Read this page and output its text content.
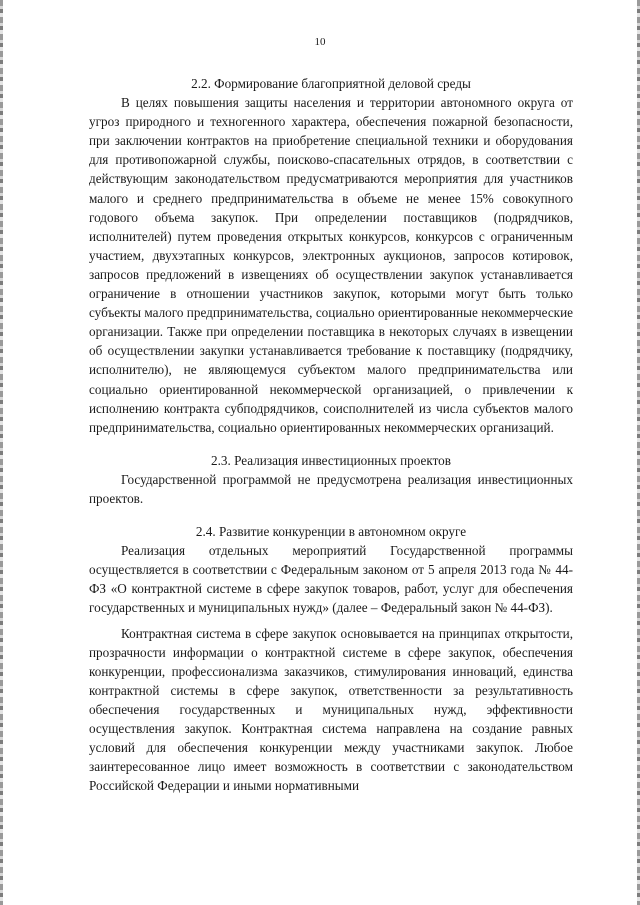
10

2.2. Формирование благоприятной деловой среды

В целях повышения защиты населения и территории автономного округа от угроз природного и техногенного характера, обеспечения пожарной безопасности, при заключении контрактов на приобретение специальной техники и оборудования для противопожарной службы, поисково-спасательных отрядов, в соответствии с действующим законодательством предусматриваются мероприятия для участников малого и среднего предпринимательства в объеме не менее 15% совокупного годового объема закупок. При определении поставщиков (подрядчиков, исполнителей) путем проведения открытых конкурсов, конкурсов с ограниченным участием, двухэтапных конкурсов, электронных аукционов, запросов котировок, запросов предложений в извещениях об осуществлении закупок устанавливается ограничение в отношении участников закупок, которыми могут быть только субъекты малого предпринимательства, социально ориентированные некоммерческие организации. Также при определении поставщика в некоторых случаях в извещении об осуществлении закупки устанавливается требование к поставщику (подрядчику, исполнителю), не являющемуся субъектом малого предпринимательства или социально ориентированной некоммерческой организацией, о привлечении к исполнению контракта субподрядчиков, соисполнителей из числа субъектов малого предпринимательства, социально ориентированных некоммерческих организаций.

2.3. Реализация инвестиционных проектов

Государственной программой не предусмотрена реализация инвестиционных проектов.

2.4. Развитие конкуренции в автономном округе

Реализация отдельных мероприятий Государственной программы осуществляется в соответствии с Федеральным законом от 5 апреля 2013 года № 44-ФЗ «О контрактной системе в сфере закупок товаров, работ, услуг для обеспечения государственных и муниципальных нужд» (далее – Федеральный закон № 44-ФЗ).

Контрактная система в сфере закупок основывается на принципах открытости, прозрачности информации о контрактной системе в сфере закупок, обеспечения конкуренции, профессионализма заказчиков, стимулирования инноваций, единства контрактной системы в сфере закупок, ответственности за результативность обеспечения государственных и муниципальных нужд, эффективности осуществления закупок. Контрактная система направлена на создание равных условий для обеспечения конкуренции между участниками закупок. Любое заинтересованное лицо имеет возможность в соответствии с законодательством Российской Федерации и иными нормативными
